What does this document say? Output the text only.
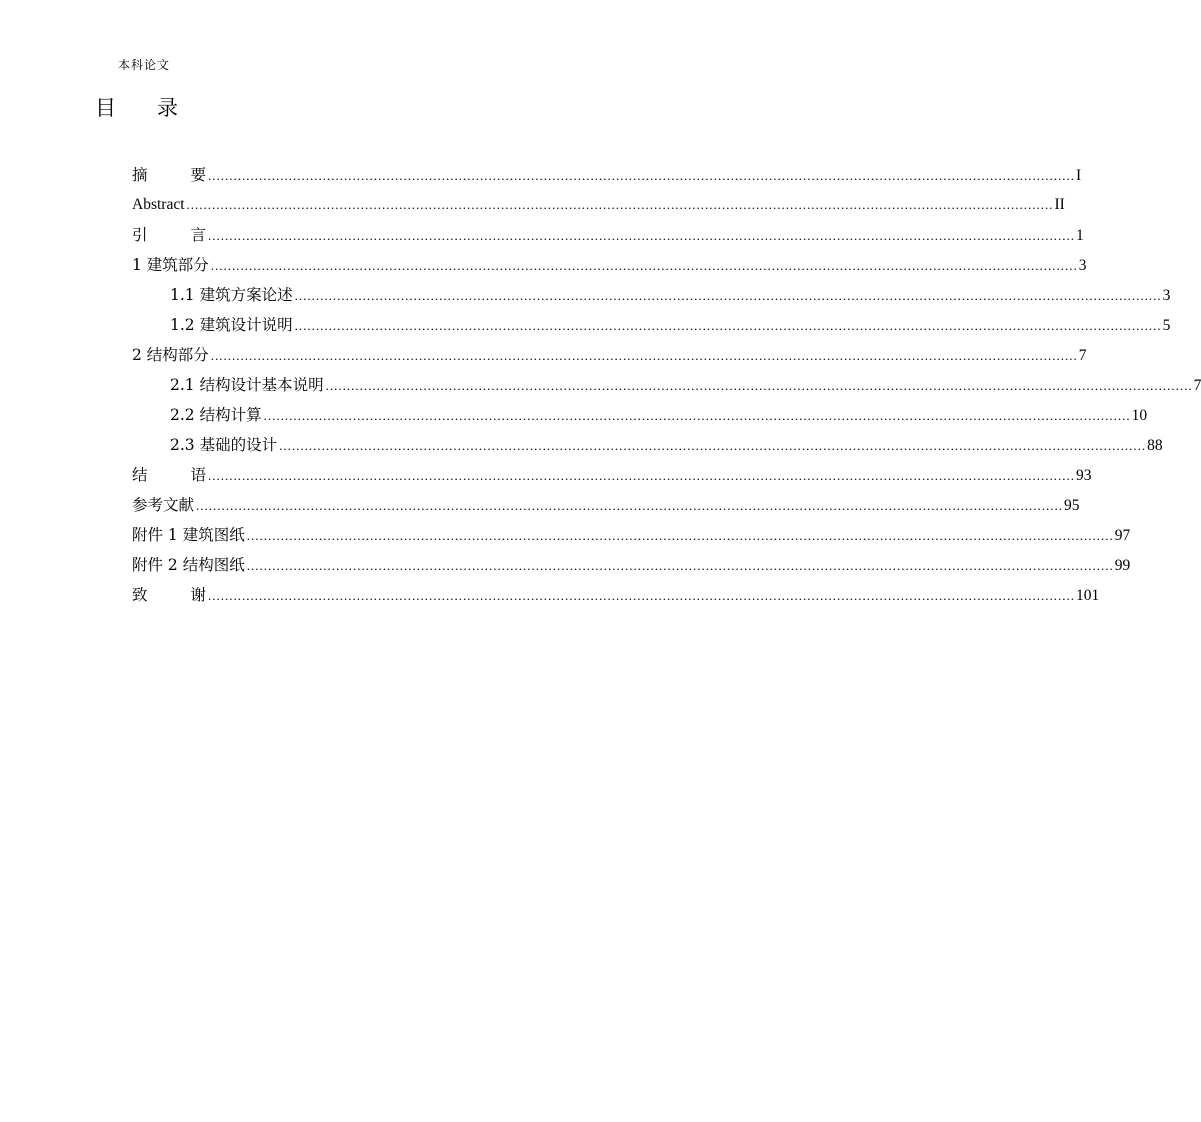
本科论文
目	录
摘	要 ............................................................................................................................................................................................................ I
Abstract ............................................................................................................................................................................................................ II
引	言 ............................................................................................................................................................................................................ 1
1 建筑部分 ............................................................................................................................................................................................................ 3
1.1 建筑方案论述 ............................................................................................................................................................................................................ 3
1.2 建筑设计说明 ............................................................................................................................................................................................................ 5
2 结构部分 ............................................................................................................................................................................................................ 7
2.1 结构设计基本说明 ............................................................................................................................................................................................................ 7
2.2 结构计算 ............................................................................................................................................................................................................ 10
2.3 基础的设计 ............................................................................................................................................................................................................ 88
结	语 ............................................................................................................................................................................................................ 93
参考文献 ............................................................................................................................................................................................................ 95
附件 1 建筑图纸 ............................................................................................................................................................................................................ 97
附件 2 结构图纸 ............................................................................................................................................................................................................ 99
致	谢 ............................................................................................................................................................................................................ 101
